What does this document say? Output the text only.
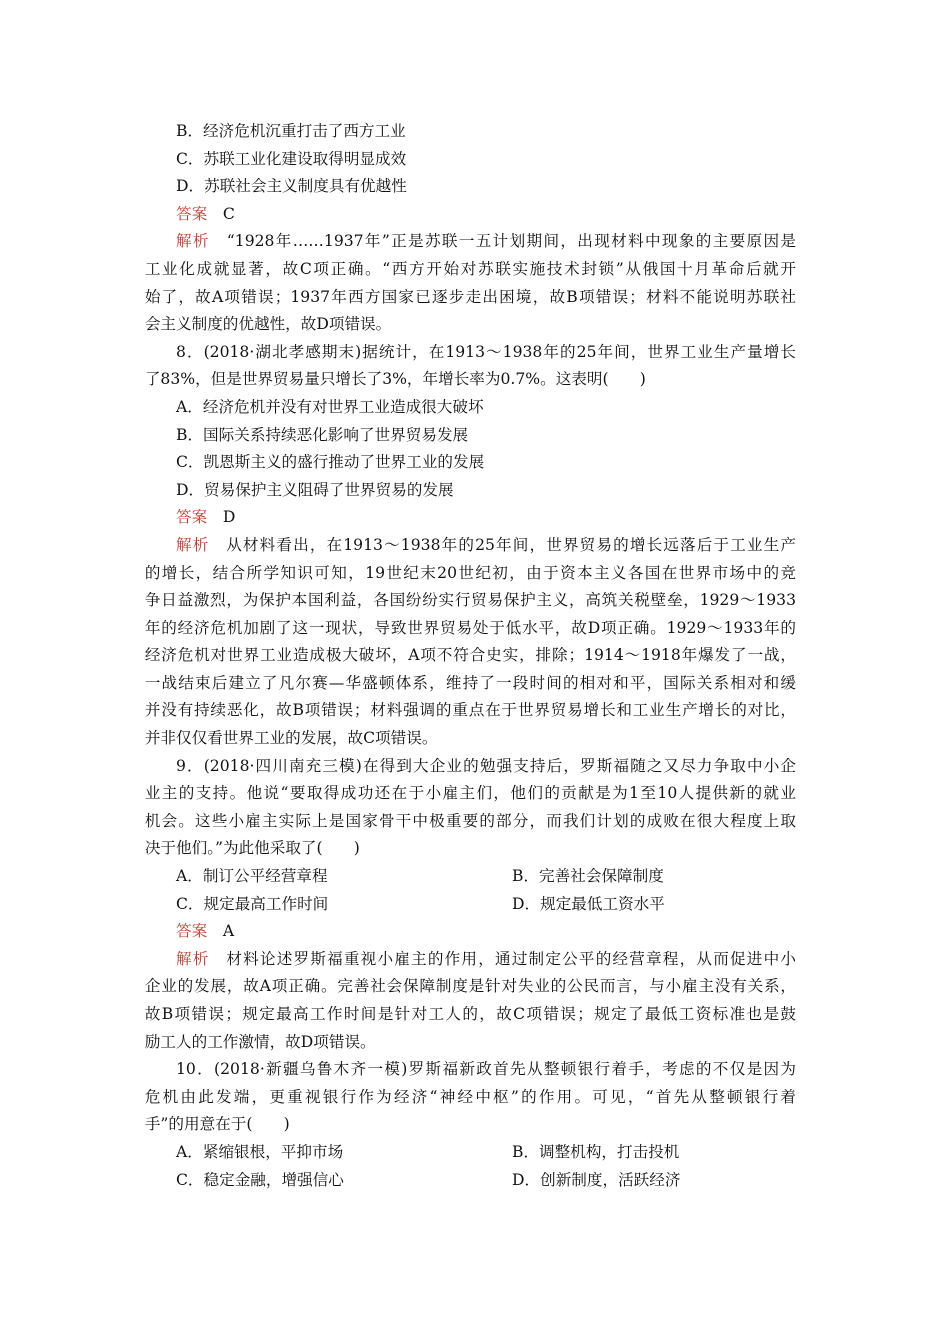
B．经济危机沉重打击了西方工业
C．苏联工业化建设取得明显成效
D．苏联社会主义制度具有优越性
答案　 C
解析　 “1928年……1937年”正是苏联一五计划期间，出现材料中现象的主要原因是
工业化成就显著，故C项正确。“西方开始对苏联实施技术封锁”从俄国十月革命后就开
始了，故A项错误；1937年西方国家已逐步走出困境，故B项错误；材料不能说明苏联社
会主义制度的优越性，故D项错误。
8．(2018·湖北孝感期末)据统计，在1913～1938年的25年间，世界工业生产量增长
了83%，但是世界贸易量只增长了3%，年增长率为0.7%。这表明(　　)
A．经济危机并没有对世界工业造成很大破坏
B．国际关系持续恶化影响了世界贸易发展
C．凯恩斯主义的盛行推动了世界工业的发展
D．贸易保护主义阻碍了世界贸易的发展
答案　 D
解析　 从材料看出，在1913～1938年的25年间，世界贸易的增长远落后于工业生产
的增长，结合所学知识可知，19世纪末20世纪初，由于资本主义各国在世界市场中的竞
争日益激烈，为保护本国利益，各国纷纷实行贸易保护主义，高筑关税壁垒，1929～1933
年的经济危机加剧了这一现状，导致世界贸易处于低水平，故D项正确。1929～1933年的
经济危机对世界工业造成极大破坏，A项不符合史实，排除；1914～1918年爆发了一战，
一战结束后建立了凡尔赛—华盛顿体系，维持了一段时间的相对和平，国际关系相对和缓
并没有持续恶化，故B项错误；材料强调的重点在于世界贸易增长和工业生产增长的对比，
并非仅仅看世界工业的发展，故C项错误。
9．(2018·四川南充三模)在得到大企业的勉强支持后，罗斯福随之又尽力争取中小企
业主的支持。他说“要取得成功还在于小雇主们，他们的贡献是为1至10人提供新的就业
机会。这些小雇主实际上是国家骨干中极重要的部分，而我们计划的成败在很大程度上取
决于他们。”为此他采取了(　　)
A．制订公平经营章程	B．完善社会保障制度
C．规定最高工作时间	D．规定最低工资水平
答案　 A
解析　 材料论述罗斯福重视小雇主的作用，通过制定公平的经营章程，从而促进中小
企业的发展，故A项正确。完善社会保障制度是针对失业的公民而言，与小雇主没有关系，
故B项错误；规定最高工作时间是针对工人的，故C项错误；规定了最低工资标准也是鼓
励工人的工作激情，故D项错误。
10．(2018·新疆乌鲁木齐一模)罗斯福新政首先从整顿银行着手，考虑的不仅是因为
危机由此发端，更重视银行作为经济“神经中枢”的作用。可见，“首先从整顿银行着
手”的用意在于(　　)
A．紧缩银根，平抑市场	B．调整机构，打击投机
C．稳定金融，增强信心	D．创新制度，活跃经济
